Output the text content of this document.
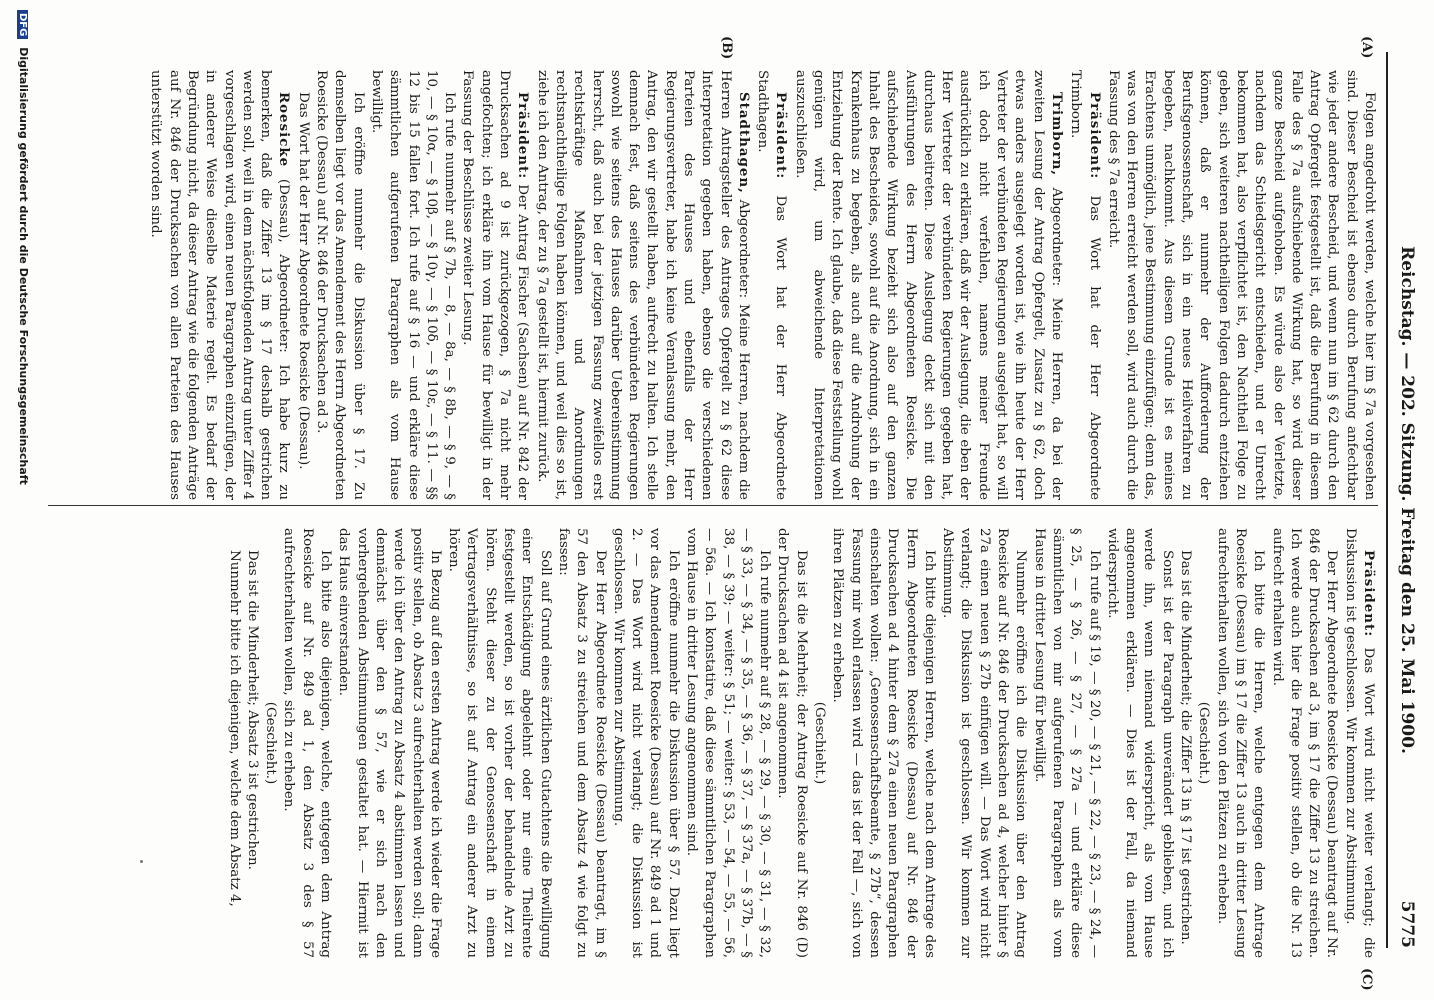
Reichstag. — 202. Sitzung. Freitag den 25. Mai 1900.
5775
(A)
(B)
(C)

Folgen angedroht werden, welche hier im § 7a vorgesehen sind. Dieser Bescheid ist ebenso durch Berufung anfechtbar wie jeder andere Bescheid, und wenn nun im § 62 durch den Antrag Opfergelt festgestellt ist, daß die Berufung in diesem Falle des § 7a aufschiebende Wirkung hat, so wird dieser ganze Bescheid aufgehoben. Es würde also der Verletzte, nachdem das Schiedsgericht entschieden, und er Unrecht bekommen hat, also verpflichtet ist, den Nachtheil Folge zu geben, sich weiteren nachtheiligen Folgen dadurch entziehen können, daß er nunmehr der Aufforderung der Berufsgenossenschaft, sich in ein neues Heilverfahren zu begeben, nachkommt. Aus diesem Grunde ist es meines Erachtens unmöglich, jene Bestimmung einzufügen; denn das, was von den Herren erreicht werden soll, wird auch durch die Fassung des § 7a erreicht.

Präsident: Das Wort hat der Herr Abgeordnete Trimborn.

Trimborn, Abgeordneter: Meine Herren, da bei der zweiten Lesung der Antrag Opfergelt, Zusatz zu § 62, doch etwas anders ausgelegt worden ist, wie ihn heute der Herr Vertreter der verbündeten Regierungen ausgelegt hat, so will ich doch nicht verfehlen, namens meiner Freunde ausdrücklich zu erklären, daß wir der Auslegung, die eben der Herr Vertreter der verbündeten Regierungen gegeben hat, durchaus beitreten. Diese Auslegung deckt sich mit den Ausführungen des Herrn Abgeordneten Roesicke. Die aufschiebende Wirkung bezieht sich also auf den ganzen Inhalt des Bescheides, sowohl auf die Anordnung, sich in ein Krankenhaus zu begeben, als auch auf die Androhung der Entziehung der Rente. Ich glaube, daß diese Feststellung wohl genügen wird, um abweichende Interpretationen auszuschließen.

Präsident: Das Wort hat der Herr Abgeordnete Stadthagen.

Stadthagen, Abgeordneter: Meine Herren, nachdem die Herren Antragsteller des Antrages Opfergelt zu § 62 diese Interpretation gegeben haben, ebenso die verschiedenen Parteien des Hauses und ebenfalls der Herr Regierungsvertreter, habe ich keine Veranlassung mehr, den Antrag, den wir gestellt haben, aufrecht zu halten. Ich stelle demnach fest, daß seitens des verbündeten Regierungen sowohl wie seitens des Hauses darüber Uebereinstimmung herrscht, daß auch bei der jetzigen Fassung zweifellos erst rechtskräftige Maßnahmen und Anordnungen rechtsnachtheilige Folgen haben können, und weil dies so ist, ziehe ich den Antrag, der zu § 7a gestellt ist, hiermit zurück.

Präsident: Der Antrag Fischer (Sachsen) auf Nr. 842 der Drucksachen ad 9 ist zurückgezogen, § 7a nicht mehr angefochten; ich erkläre ihn vom Hause für bewilligt in der Fassung der Beschlüsse zweiter Lesung.

Ich rufe nunmehr auf § 7b, — 8, — 8a, — § 8b, — § 9, — § 10, — § 10α, — § 10β, — § 10γ, — § 10δ, — § 10ε, — § 11. — §§ 12 bis 15 fallen fort. Ich rufe auf § 16 — und erkläre diese sämmtlichen aufgerufenen Paragraphen als vom Hause bewilligt.

Ich eröffne nunmehr die Diskussion über § 17. Zu demselben liegt vor das Amendement des Herrn Abgeordneten Roesicke (Dessau) auf Nr. 846 der Drucksachen ad 3.

Das Wort hat der Herr Abgeordnete Roesicke (Dessau).

Roesicke (Dessau), Abgeordneter: Ich habe kurz zu bemerken, daß die Ziffer 13 im § 17 deshalb gestrichen werden soll, weil in dem nächstfolgenden Antrag unter Ziffer 4 vorgeschlagen wird, einen neuen Paragraphen einzufügen, der in anderer Weise dieselbe Materie regelt. Es bedarf der Begründung nicht, da dieser Antrag wie die folgenden Anträge auf Nr. 846 der Drucksachen von allen Parteien des Hauses unterstützt worden sind.

Präsident: Das Wort wird nicht weiter verlangt; die Diskussion ist geschlossen. Wir kommen zur Abstimmung.

Der Herr Abgeordnete Roesicke (Dessau) beantragt auf Nr. 846 der Drucksachen ad 3, im § 17 die Ziffer 13 zu streichen. Ich werde auch hier die Frage positiv stellen, ob die Nr. 13 aufrecht erhalten wird.

Ich bitte die Herren, welche entgegen dem Antrage Roesicke (Dessau) im § 17 die Ziffer 13 auch in dritter Lesung aufrechterhalten wollen, sich von den Plätzen zu erheben.

(Geschieht.)

Das ist die Minderheit; die Ziffer 13 in § 17 ist gestrichen.

Sonst ist der Paragraph unverändert geblieben, und ich werde ihn, wenn niemand widerspricht, als vom Hause angenommen erklären. — Dies ist der Fall, da niemand widerspricht.

Ich rufe auf § 19, — § 20, — § 21, — § 22, — § 23, — § 24, — § 25, — § 26, — § 27, — § 27a — und erkläre diese sämmtlichen von mir aufgerufenen Paragraphen als vom Hause in dritter Lesung für bewilligt.

Nunmehr eröffne ich die Diskussion über den Antrag Roesicke auf Nr. 846 der Drucksachen ad 4, welcher hinter § 27a einen neuen § 27b einfügen will. — Das Wort wird nicht verlangt; die Diskussion ist geschlossen. Wir kommen zur Abstimmung.

Ich bitte diejenigen Herren, welche nach dem Antrage des Herrn Abgeordneten Roesicke (Dessau) auf Nr. 846 der Drucksachen ad 4 hinter dem § 27a einen neuen Paragraphen einschalten wollen: „Genossenschaftsbeamte, § 27b“, dessen Fassung mir wohl erlassen wird — das ist der Fall —, sich von ihren Plätzen zu erheben.

(Geschieht.)

Das ist die Mehrheit; der Antrag Roesicke auf Nr. 846 (D) der Drucksachen ad 4 ist angenommen.

Ich rufe nunmehr auf § 28, — § 29, — § 30, — § 31, — § 32, — § 33, — § 34, — § 35, — § 36, — § 37, — § 37a, — § 37b, — § 38, — § 39; — weiter: § 51; — weiter: § 53, — 54, — 55, — 56, — 56a. — Ich konstatire, daß diese sämmtlichen Paragraphen vom Hause in dritter Lesung angenommen sind.

Ich eröffne nunmehr die Diskussion über § 57. Dazu liegt vor das Amendement Roesicke (Dessau) auf Nr. 849 ad 1 und 2. — Das Wort wird nicht verlangt; die Diskussion ist geschlossen. Wir kommen zur Abstimmung.

Der Herr Abgeordnete Roesicke (Dessau) beantragt, im § 57 den Absatz 3 zu streichen und dem Absatz 4 wie folgt zu fassen:

Soll auf Grund eines ärztlichen Gutachtens die Bewilligung einer Entschädigung abgelehnt oder nur eine Theilrente festgestellt werden, so ist vorher der behandelnde Arzt zu hören. Steht dieser zu der Genossenschaft in einem Vertragsverhältnisse, so ist auf Antrag ein anderer Arzt zu hören.

In Bezug auf den ersten Antrag werde ich wieder die Frage positiv stellen, ob Absatz 3 aufrechterhalten werden soll; dann werde ich über den Antrag zu Absatz 4 abstimmen lassen und demnächst über den § 57, wie er sich nach den vorhergehenden Abstimmungen gestaltet hat. — Hiermit ist das Haus einverstanden.

Ich bitte also diejenigen, welche, entgegen dem Antrag Roesicke auf Nr. 849 ad 1, den Absatz 3 des § 57 aufrechterhalten wollen, sich zu erheben.

(Geschieht.)

Das ist die Minderheit; Absatz 3 ist gestrichen.

Nunmehr bitte ich diejenigen, welche dem Absatz 4,

DFG Digitalisierung gefördert durch die Deutsche Forschungsgemeinschaft
